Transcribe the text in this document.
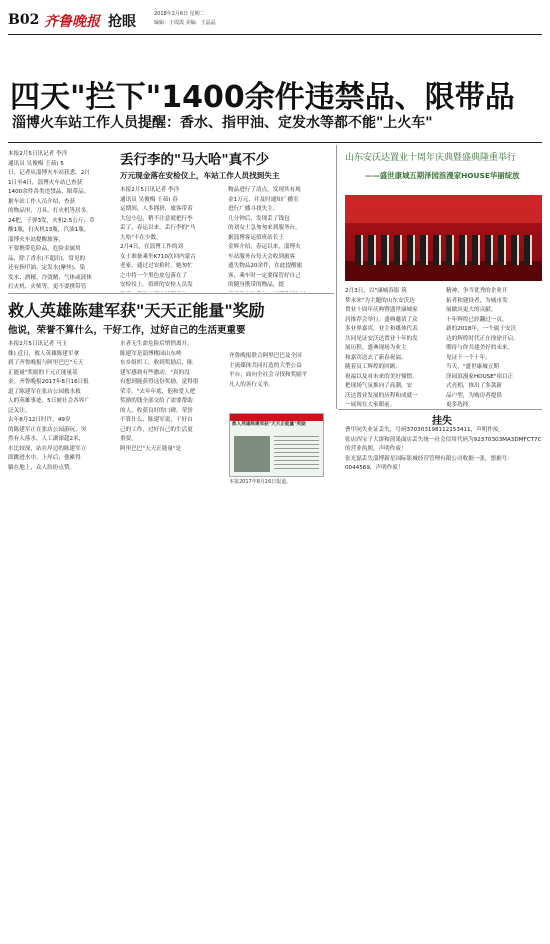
B02 齐鲁晚报 抢眼	2018年2月6日 星期二
编辑：于霞霞 美编：王晶晶
四天"拦下"1400余件违禁品、限带品
淄博火车站工作人员提醒：香水、指甲油、定发水等都不能"上火车"
本报2月5日讯记者 李洋
通讯员 吴俊梅 王茹) 5
日，记者从淄博火车站获悉，2月
1日至4日，淄博火车站已查获
1400余件各类违禁品、限带品。
据车站工作人员介绍，查获
的物品里，刀具、打火机等居多。
24把，子弹3发，火机2.5公斤，草
酸1瓶，打火机13瓶，汽油1瓶。
淄博火车站提醒旅客，
不要携带危险品，危险金属用
品，除了香水(不超出)，常见的
还有指甲油、定发水(摩丝)、染
发水、酒精、冷烫精、气体或液体
打火机、火柴等，更不要携带管

丢行李的"马大哈"真不少
万元现金落在安检仪上，车站工作人员找到失主
本报2月5日讯记者 李洋
通讯员 吴俊梅 王茹) 春
运期间，人多拥挤，旅客带着
大包小包，稍不注意就把行李
丢了，春运以来，丢行李的"马
大哈"不在少数。
2月4日，在淄博工作的刘
女士准备乘坐K710次回内蒙古
老家，通过过安检时，她匆忙
之中将一个黑色皮包落在了
安检仪上。值班的安检人员发

物品进行了清点，发现其有现
金1万元，并及时通知广播室
进行广播寻找失主。
几分钟后，发现丢了钱包
的刘女士急匆匆来到服务台。
据淄博客运值班站长王
金辉介绍，春运以来，淄博火
车站服务台每天会收到旅客
遗失物品20余件，在此提醒旅
客，乘车时一定要保管好自己
的随身携带的物品，提

救人英雄陈建军获"天天正能量"奖励
他说，荣誉不算什么，干好工作，过好自己的生活更重要
本报2月5日讯记者 马玉
姝) 近日，救人英雄陈建军拿
到了齐鲁晚报与阿里巴巴"天天
正能量"奖励的千元正能量基
金。齐鲁晚报2017年8月16日报
道了陈建军在张店公园救水救
人的英雄事迹，5日被社会各界广
泛关注。
去年8月12日时许，49岁
的陈建军正在张店公园游玩，突
然有人落水，人工湖深超2米，
水比较深，站在岸边的陈建军立
即跳进水中。上岸后，他累得
躺在地上，众人纷纷点赞。
水者无生命危险后悄悄离开。
陈建军是淄博桃园山东岭
东乡组织工，收到奖励后，陈
建军感到有些激动。"真的没
有想到能获得这份奖励，觉得很
荣幸。"去年年底，他和爱人把
奖励的钱全部交给了需要帮助
的人，收获良好的口碑。荣誉
不算什么，陈建军说，干好自
己的工作，过好自己的生活更
重要。
阿里巴巴"天天正能量"是
救人英雄陈建军获"天天正能量"奖励
本报2017年8月16日报道。
齐鲁晚报联合阿里巴巴及全国
主流媒体共同打造的大型公益
平台，面向全社会寻找和奖励平
凡人的善行义举。
山东安沃达置业十周年庆典暨盛典隆重举行
——盛世康城五期泽园浪漫家HOUSE华丽绽放
2月3日，以"康城春影 筑
梦未来"为主题的山东安沃达
置业十周年庆典暨盛世康城家
居推荐会举行。盛典邀请了众
多业界嘉宾，业主和媒体代表
共同见证安沃达置业十年的发
展历程。盛典现场为业主
和嘉宾送去了新春祝福。
随着员工辉煌的回顾、
祝福以及对未来的美好憧憬，
把现场气氛推向了高潮，安
沃达置业发展的历程和成就一
一展现在大家眼前。

精神，争当优秀的企业开
拓者和建设者，为城市发
展做出更大的贡献。
十年辉煌已经翻过一页，
新的2018年，一个属于安沃
达的辉煌时代正在徐徐开启，
期待与你共建美好的未来。
见证下一个十年。
当天，"盛世康城五期
泽园浪漫家HOUSE"项目正
式亮相，推出了多款新
品户型，为购房者提供
更多选择。
挂失
曹甲同失业证丢失，号码370303198112153411，声明作废。
张店四宝子大饼和煎果面店丢失统一社会信用代码为92370303MA3DMFCT7C的营业执照，声明作废！
张光磊丢失淄博新星国际影城经营管理有限公司收据一张，票据号：0044569，声明作废！
